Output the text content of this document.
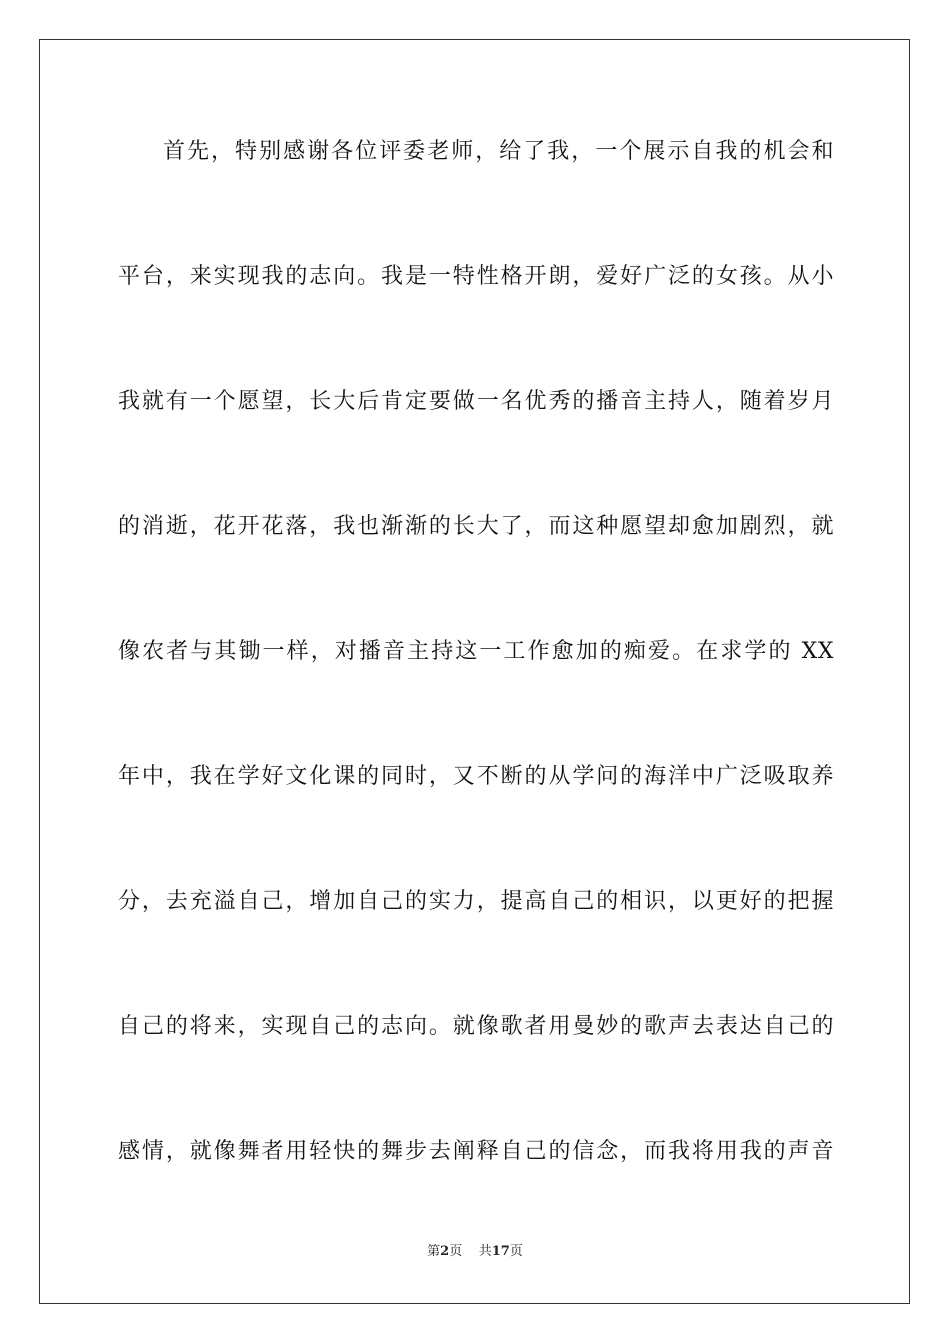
首先，特别感谢各位评委老师，给了我，一个展示自我的机会和
平台，来实现我的志向。我是一特性格开朗，爱好广泛的女孩。从小
我就有一个愿望，长大后肯定要做一名优秀的播音主持人，随着岁月
的消逝，花开花落，我也渐渐的长大了，而这种愿望却愈加剧烈，就
像农者与其锄一样，对播音主持这一工作愈加的痴爱。在求学的 XX
年中，我在学好文化课的同时，又不断的从学问的海洋中广泛吸取养
分，去充溢自己，增加自己的实力，提高自己的相识，以更好的把握
自己的将来，实现自己的志向。就像歌者用曼妙的歌声去表达自己的
感情，就像舞者用轻快的舞步去阐释自己的信念，而我将用我的声音
第2页 共17页
